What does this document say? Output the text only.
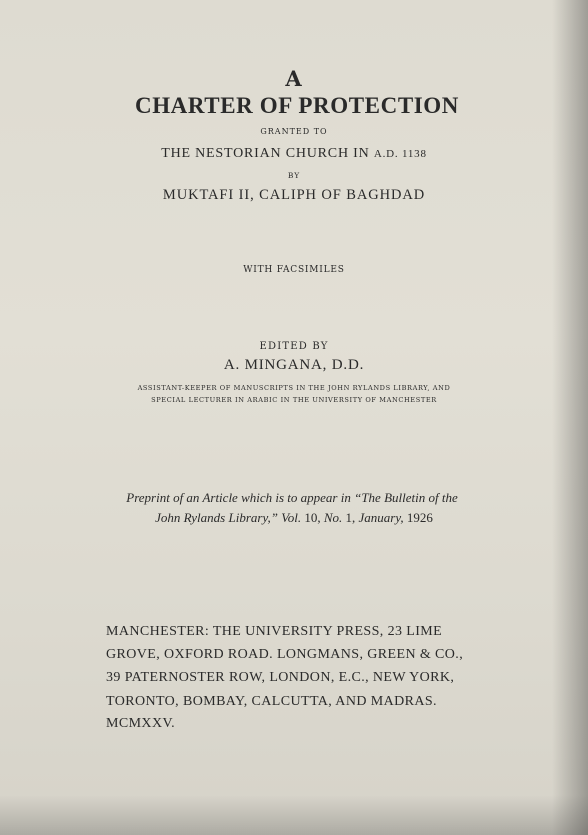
A
CHARTER OF PROTECTION
GRANTED TO
THE NESTORIAN CHURCH IN A.D. 1138
BY
MUKTAFI II, CALIPH OF BAGHDAD
WITH FACSIMILES
EDITED BY
A. MINGANA, D.D.
ASSISTANT-KEEPER OF MANUSCRIPTS IN THE JOHN RYLANDS LIBRARY, AND
SPECIAL LECTURER IN ARABIC IN THE UNIVERSITY OF MANCHESTER
Preprint of an Article which is to appear in “The Bulletin of the
John Rylands Library,” Vol. 10, No. 1, January, 1926
MANCHESTER: THE UNIVERSITY PRESS, 23 LIME
GROVE, OXFORD ROAD. LONGMANS, GREEN & CO.,
39 PATERNOSTER ROW, LONDON, E.C., NEW YORK,
TORONTO, BOMBAY, CALCUTTA, AND MADRAS.
MCMXXV.
